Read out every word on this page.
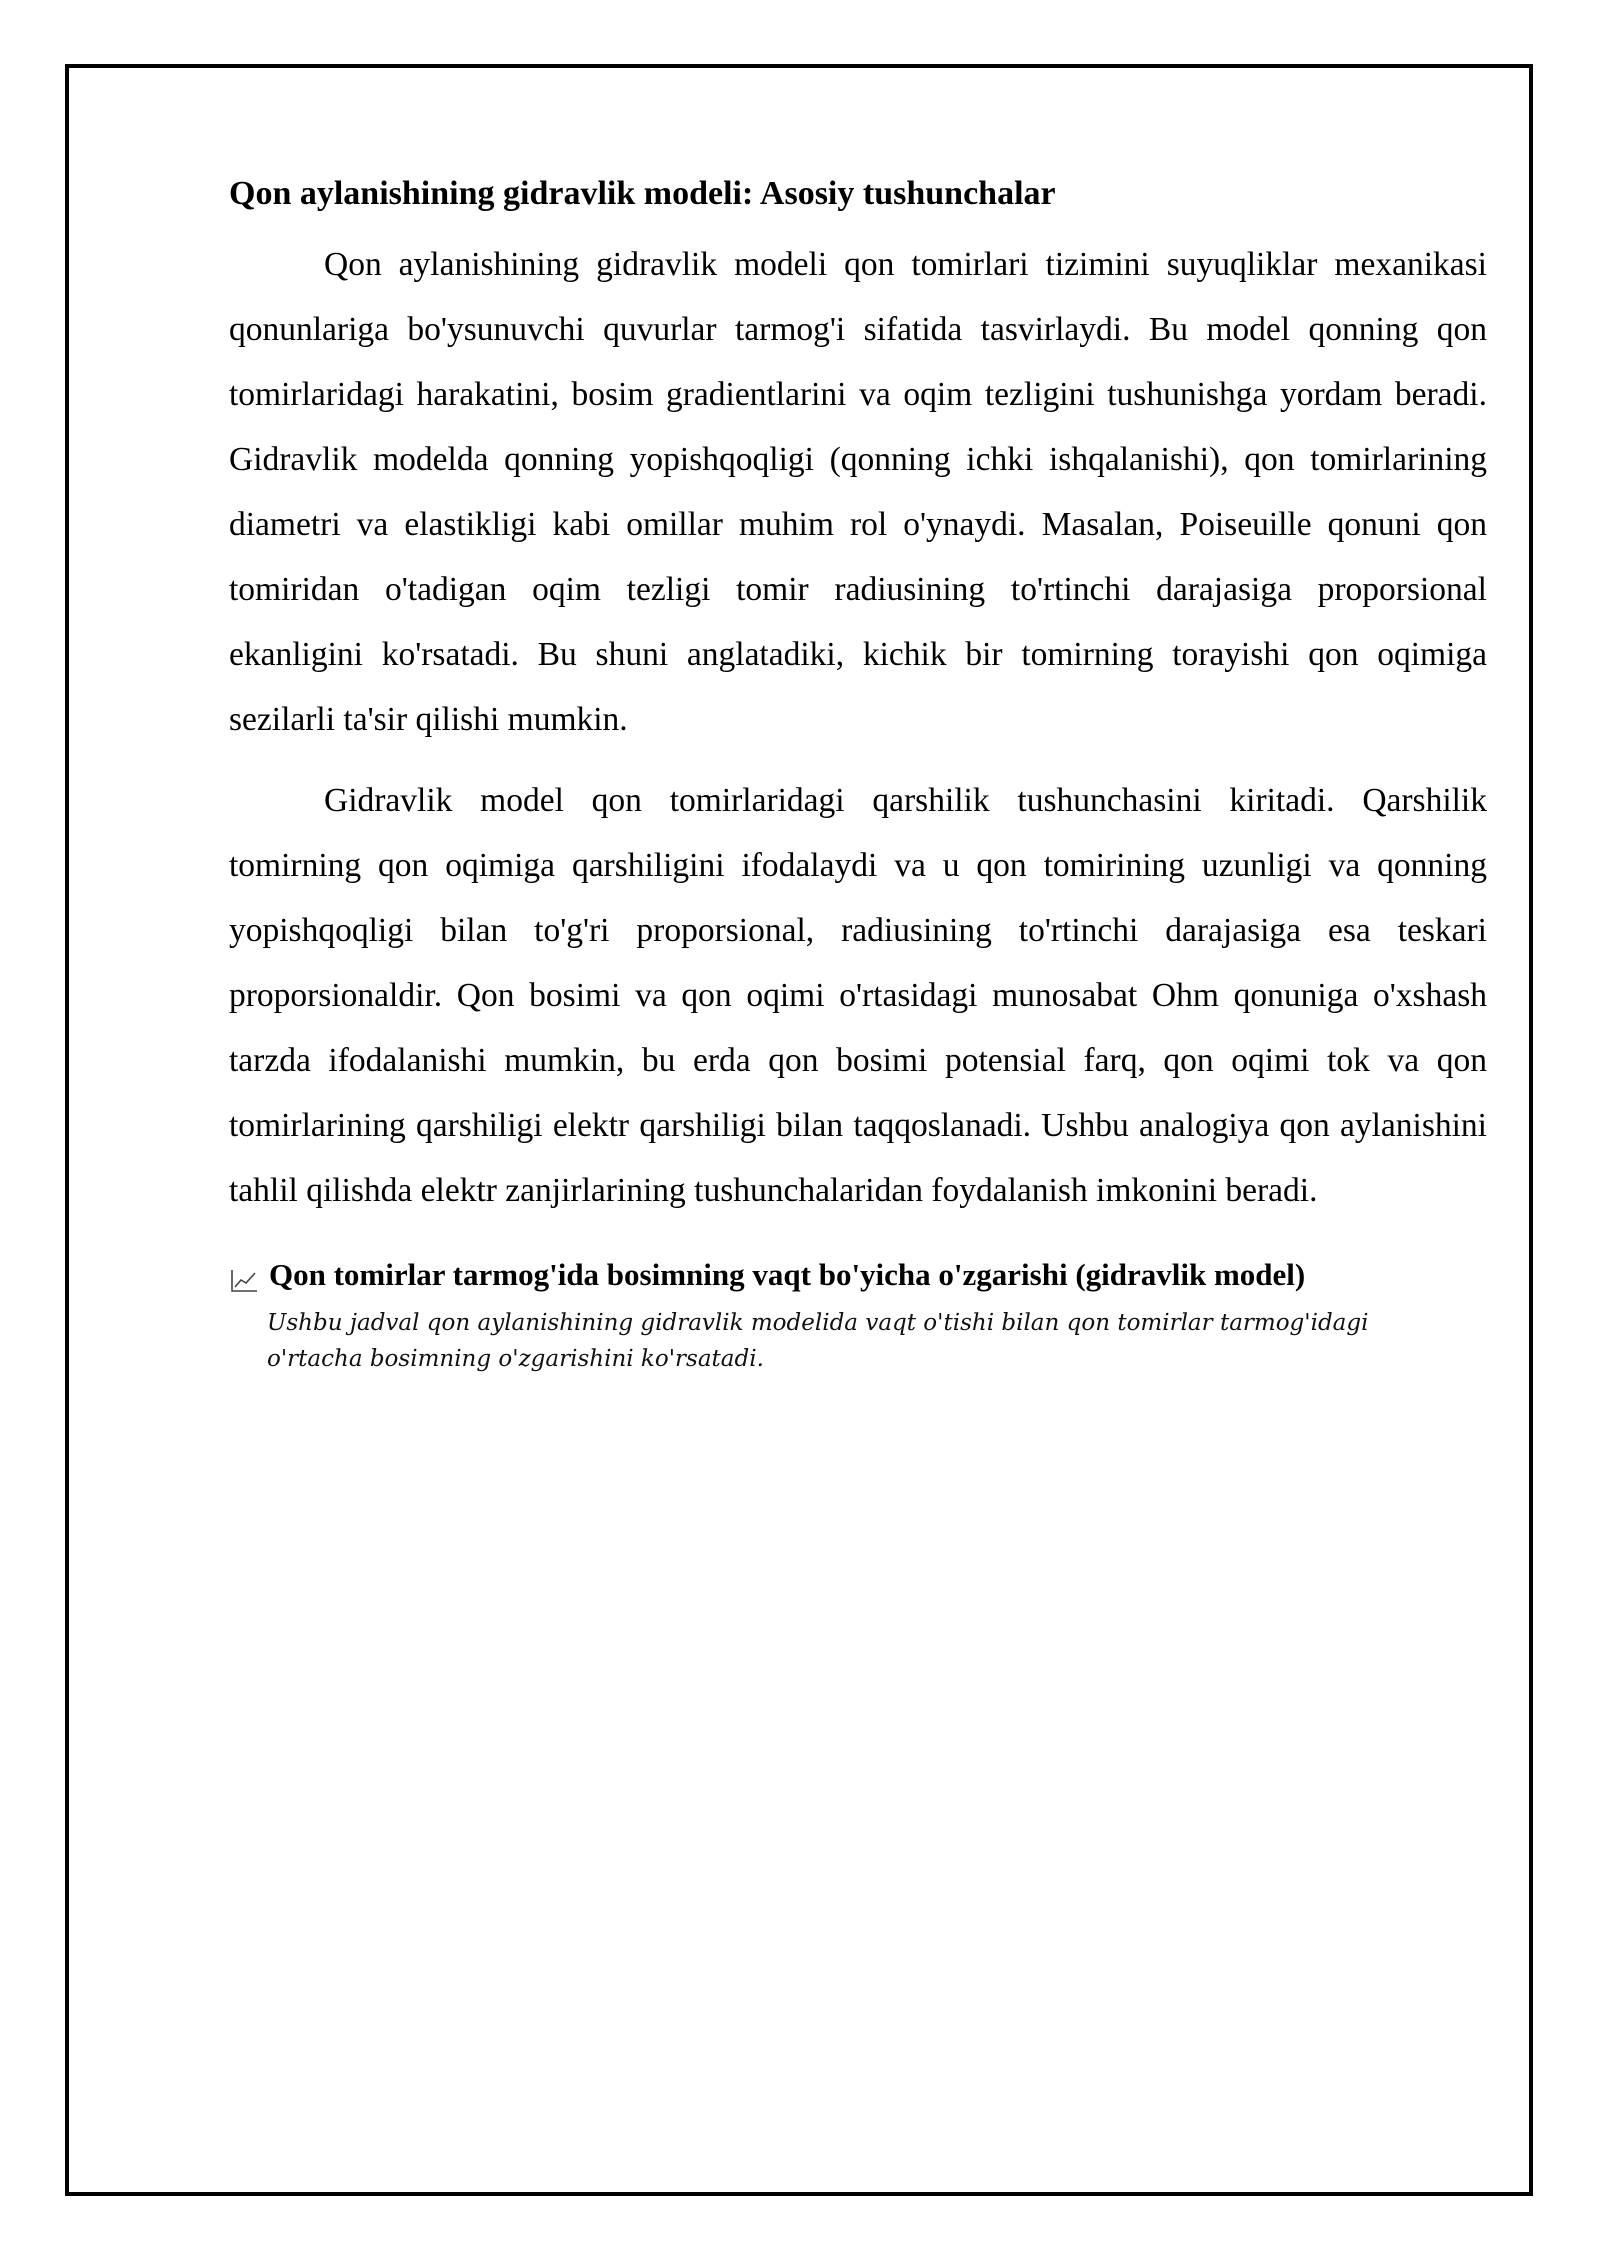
Qon aylanishining gidravlik modeli: Asosiy tushunchalar

Qon aylanishining gidravlik modeli qon tomirlari tizimini suyuqliklar mexanikasi qonunlariga bo'ysunuvchi quvurlar tarmog'i sifatida tasvirlaydi. Bu model qonning qon tomirlaridagi harakatini, bosim gradientlarini va oqim tezligini tushunishga yordam beradi. Gidravlik modelda qonning yopishqoqligi (qonning ichki ishqalanishi), qon tomirlarining diametri va elastikligi kabi omillar muhim rol o'ynaydi. Masalan, Poiseuille qonuni qon tomiridan o'tadigan oqim tezligi tomir radiusining to'rtinchi darajasiga proporsional ekanligini ko'rsatadi. Bu shuni anglatadiki, kichik bir tomirning torayishi qon oqimiga sezilarli ta'sir qilishi mumkin.

Gidravlik model qon tomirlaridagi qarshilik tushunchasini kiritadi. Qarshilik tomirning qon oqimiga qarshiligini ifodalaydi va u qon tomirining uzunligi va qonning yopishqoqligi bilan to'g'ri proporsional, radiusining to'rtinchi darajasiga esa teskari proporsionaldir. Qon bosimi va qon oqimi o'rtasidagi munosabat Ohm qonuniga o'xshash tarzda ifodalanishi mumkin, bu erda qon bosimi potensial farq, qon oqimi tok va qon tomirlarining qarshiligi elektr qarshiligi bilan taqqoslanadi. Ushbu analogiya qon aylanishini tahlil qilishda elektr zanjirlarining tushunchalaridan foydalanish imkonini beradi.

Qon tomirlar tarmog'ida bosimning vaqt bo'yicha o'zgarishi (gidravlik model)
Ushbu jadval qon aylanishining gidravlik modelida vaqt o'tishi bilan qon tomirlar tarmog'idagi o'rtacha bosimning o'zgarishini ko'rsatadi.
